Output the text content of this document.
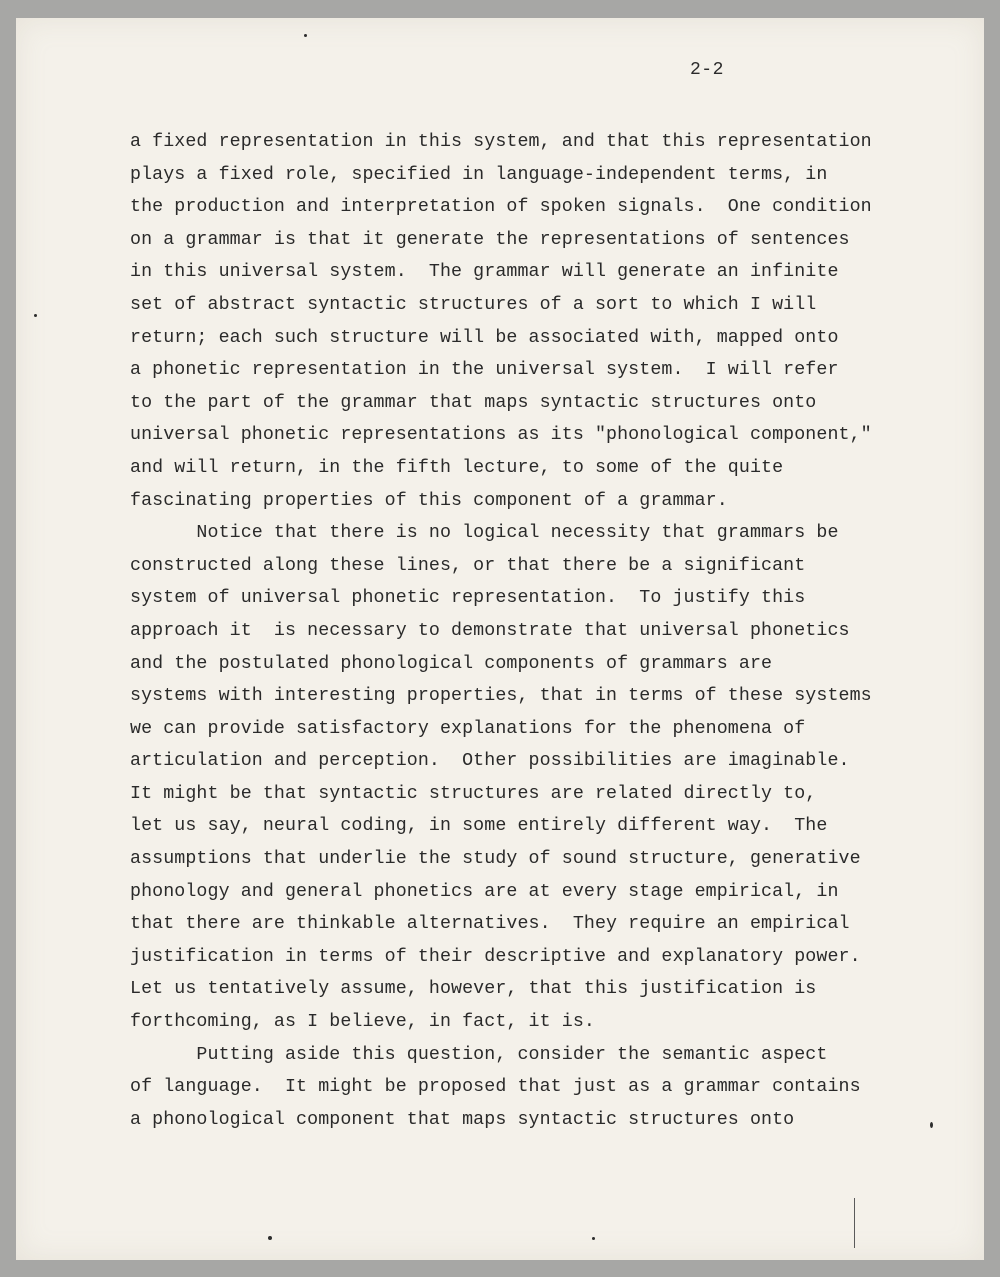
2-2
a fixed representation in this system, and that this representation
plays a fixed role, specified in language-independent terms, in
the production and interpretation of spoken signals.  One condition
on a grammar is that it generate the representations of sentences
in this universal system.  The grammar will generate an infinite
set of abstract syntactic structures of a sort to which I will
return; each such structure will be associated with, mapped onto
a phonetic representation in the universal system.  I will refer
to the part of the grammar that maps syntactic structures onto
universal phonetic representations as its "phonological component,"
and will return, in the fifth lecture, to some of the quite
fascinating properties of this component of a grammar.
Notice that there is no logical necessity that grammars be
constructed along these lines, or that there be a significant
system of universal phonetic representation.  To justify this
approach it  is necessary to demonstrate that universal phonetics
and the postulated phonological components of grammars are
systems with interesting properties, that in terms of these systems
we can provide satisfactory explanations for the phenomena of
articulation and perception.  Other possibilities are imaginable.
It might be that syntactic structures are related directly to,
let us say, neural coding, in some entirely different way.  The
assumptions that underlie the study of sound structure, generative
phonology and general phonetics are at every stage empirical, in
that there are thinkable alternatives.  They require an empirical
justification in terms of their descriptive and explanatory power.
Let us tentatively assume, however, that this justification is
forthcoming, as I believe, in fact, it is.
Putting aside this question, consider the semantic aspect
of language.  It might be proposed that just as a grammar contains
a phonological component that maps syntactic structures onto
